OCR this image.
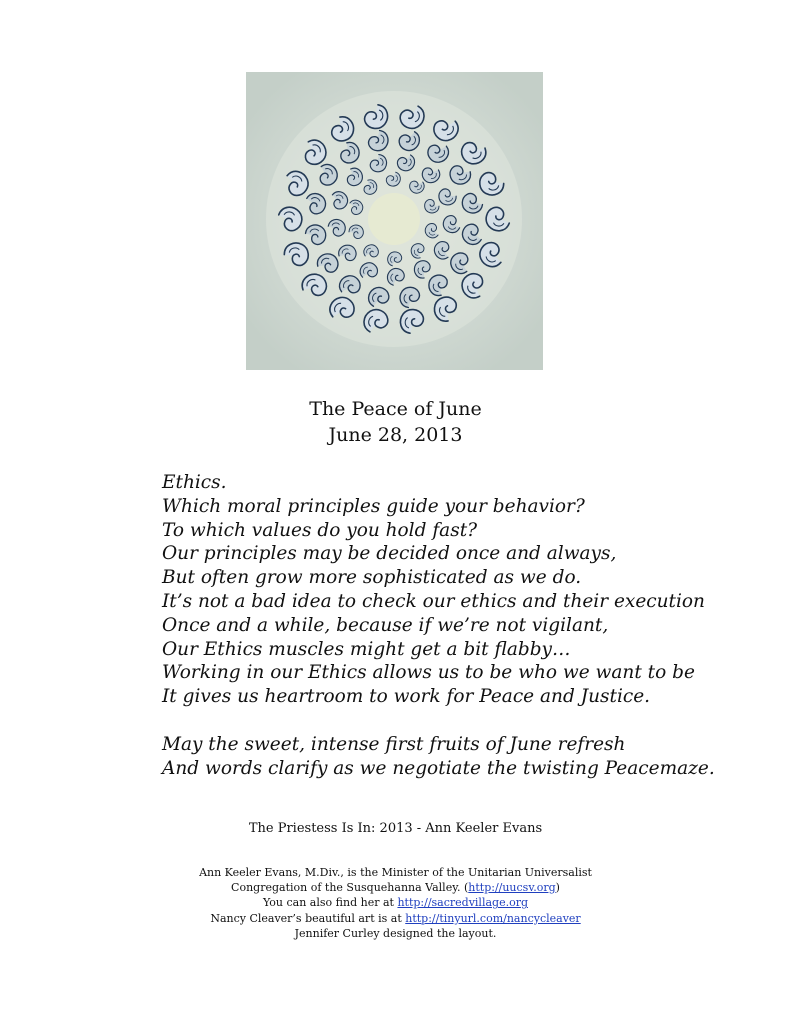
The Peace of June
June 28, 2013
Ethics.
Which moral principles guide your behavior?
To which values do you hold fast?
Our principles may be decided once and always,
But often grow more sophisticated as we do.
It’s not a bad idea to check our ethics and their execution
Once and a while, because if we’re not vigilant,
Our Ethics muscles might get a bit flabby…
Working in our Ethics allows us to be who we want to be
It gives us heartroom to work for Peace and Justice.
May the sweet, intense first fruits of June refresh
And words clarify as we negotiate the twisting Peacemaze.
The Priestess Is In: 2013 - Ann Keeler Evans
Ann Keeler Evans, M.Div., is the Minister of the Unitarian Universalist
Congregation of the Susquehanna Valley. (http://uucsv.org)
You can also find her at http://sacredvillage.org
Nancy Cleaver’s beautiful art is at http://tinyurl.com/nancycleaver
Jennifer Curley designed the layout.
